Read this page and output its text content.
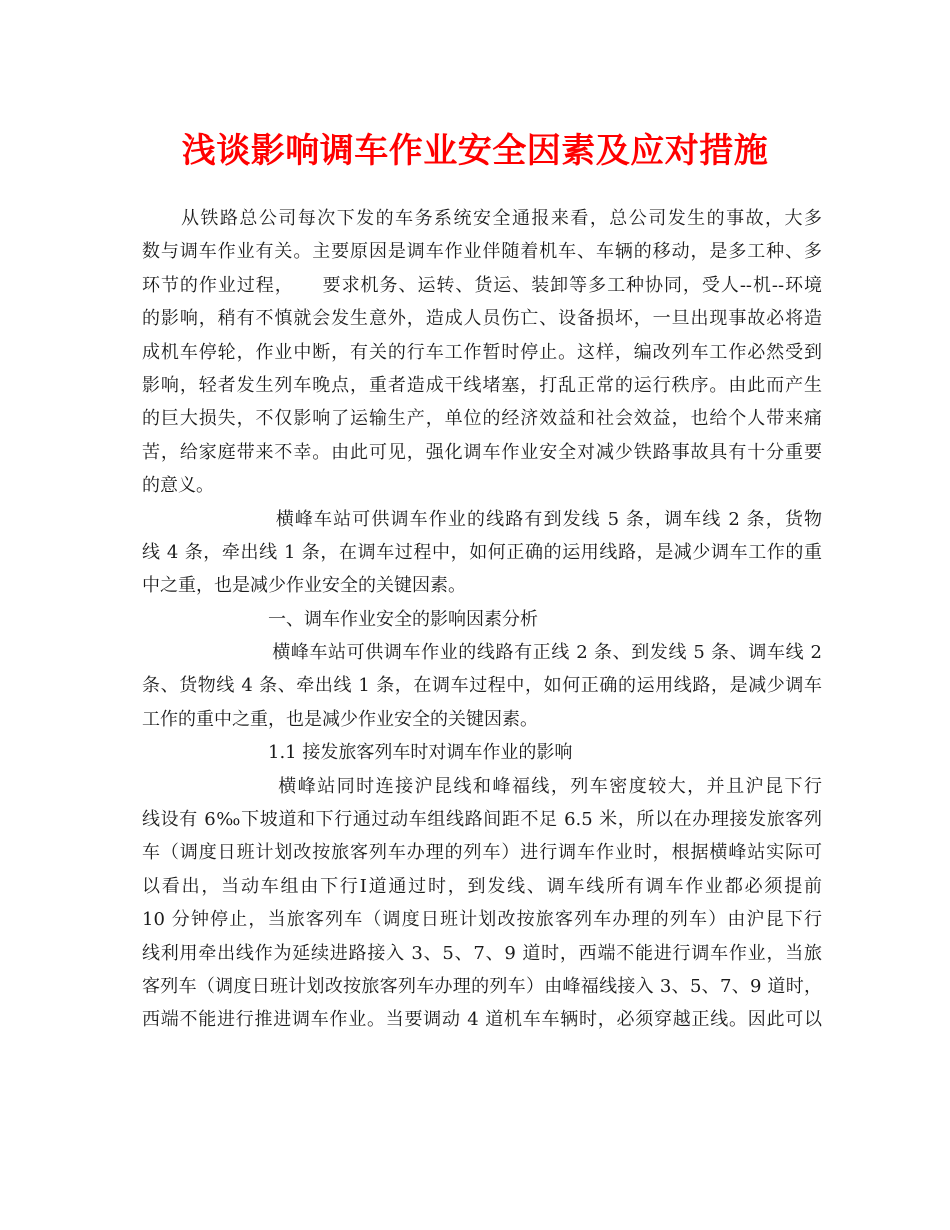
浅谈影响调车作业安全因素及应对措施
　　从铁路总公司每次下发的车务系统安全通报来看，总公司发生的事故，大多
数与调车作业有关。主要原因是调车作业伴随着机车、车辆的移动，是多工种、多
环节的作业过程，　　要求机务、运转、货运、装卸等多工种协同，受人--机--环境
的影响，稍有不慎就会发生意外，造成人员伤亡、设备损坏，一旦出现事故必将造
成机车停轮，作业中断，有关的行车工作暂时停止。这样，编改列车工作必然受到
影响，轻者发生列车晚点，重者造成干线堵塞，打乱正常的运行秩序。由此而产生
的巨大损失，不仅影响了运输生产，单位的经济效益和社会效益，也给个人带来痛
苦，给家庭带来不幸。由此可见，强化调车作业安全对减少铁路事故具有十分重要
的意义。
　　　　　　　横峰车站可供调车作业的线路有到发线 5 条，调车线 2 条，货物
线 4 条，牵出线 1 条，在调车过程中，如何正确的运用线路，是减少调车工作的重
中之重，也是减少作业安全的关键因素。
　　　　　　　一、调车作业安全的影响因素分析
　　　　　　　横峰车站可供调车作业的线路有正线 2 条、到发线 5 条、调车线 2
条、货物线 4 条、牵出线 1 条，在调车过程中，如何正确的运用线路，是减少调车
工作的重中之重，也是减少作业安全的关键因素。
　　　　　　　1.1 接发旅客列车时对调车作业的影响
　　　　　　　横峰站同时连接沪昆线和峰福线，列车密度较大，并且沪昆下行
线设有 6‰下坡道和下行通过动车组线路间距不足 6.5 米，所以在办理接发旅客列
车（调度日班计划改按旅客列车办理的列车）进行调车作业时，根据横峰站实际可
以看出，当动车组由下行Ⅰ道通过时，到发线、调车线所有调车作业都必须提前
10 分钟停止，当旅客列车（调度日班计划改按旅客列车办理的列车）由沪昆下行
线利用牵出线作为延续进路接入 3、5、7、9 道时，西端不能进行调车作业，当旅
客列车（调度日班计划改按旅客列车办理的列车）由峰福线接入 3、5、7、9 道时，
西端不能进行推进调车作业。当要调动 4 道机车车辆时，必须穿越正线。因此可以
